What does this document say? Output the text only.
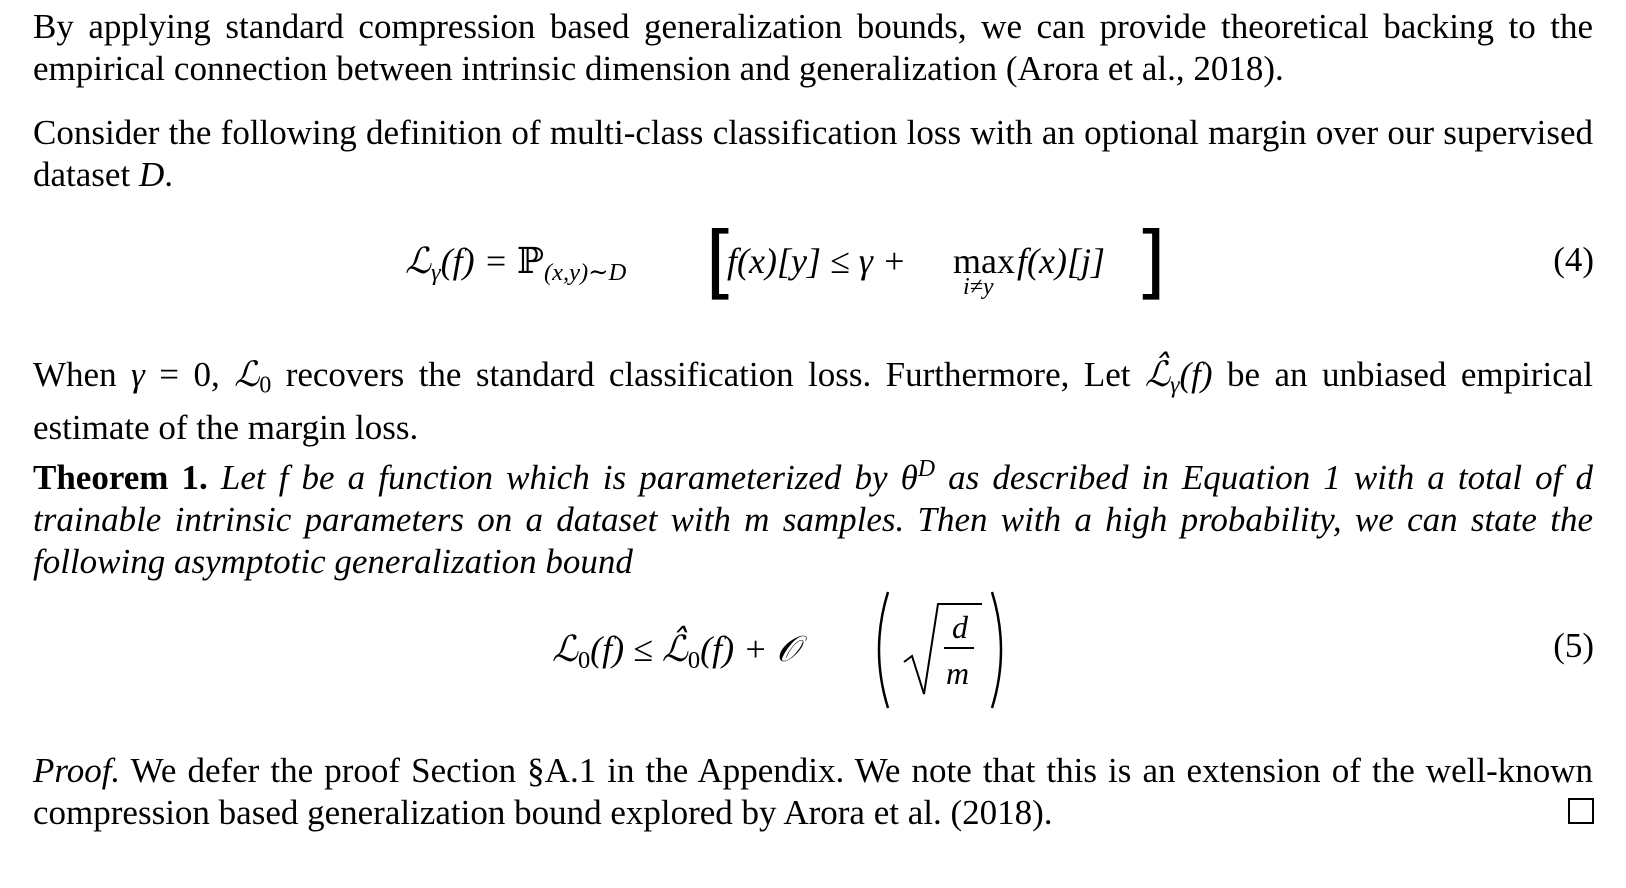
By applying standard compression based generalization bounds, we can provide theoretical backing to the empirical connection between intrinsic dimension and generalization (Arora et al., 2018).
Consider the following definition of multi-class classification loss with an optional margin over our supervised dataset D.
ℒ$_\gamma$(f) = ℙ$_{(x,y)\sim D}$ [
f(x)[y] ≤ γ + max
i≠y
f(x)[j] ]	(4)
When γ = 0, ℒ$_0$ recovers the standard classification loss. Furthermore, Let $ℒ̂_\gamma(f)$ be an unbiased empirical estimate of the margin loss.
Theorem 1. Let f be a function which is parameterized by $\theta^D$ as described in Equation 1 with a total of d trainable intrinsic parameters on a dataset with m samples. Then with a high probability, we can state the following asymptotic generalization bound
ℒ$_0$(f) ≤ $ℒ̂_0(f)$ + 𝒪
d
m
(5)
Proof. We defer the proof Section §A.1 in the Appendix. We note that this is an extension of the well-known compression based generalization bound explored by Arora et al. (2018).
